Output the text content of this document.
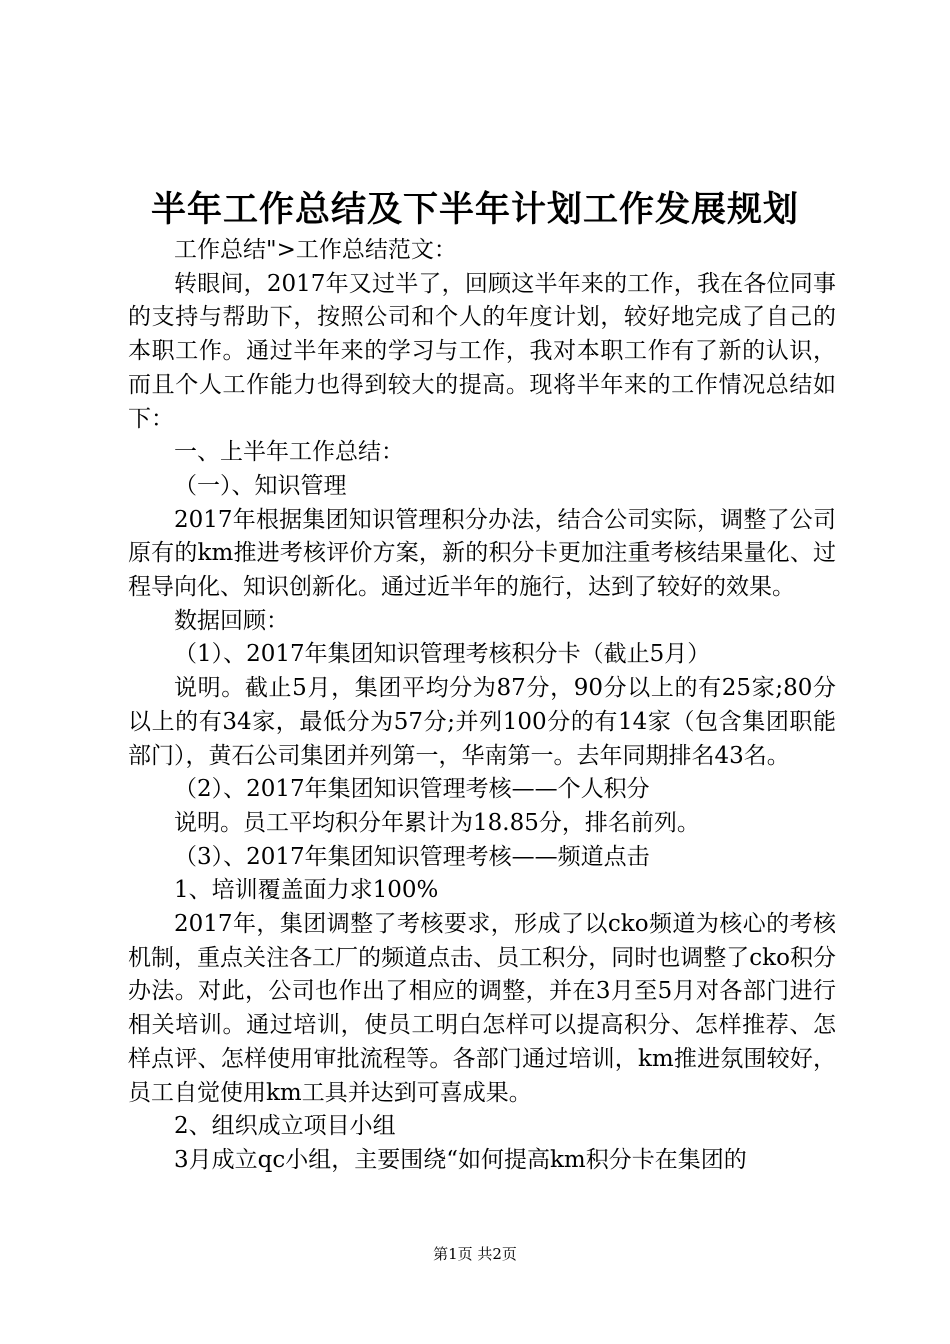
半年工作总结及下半年计划工作发展规划

工作总结">工作总结范文：

转眼间，2017年又过半了，回顾这半年来的工作，我在各位同事的支持与帮助下，按照公司和个人的年度计划，较好地完成了自己的本职工作。通过半年来的学习与工作，我对本职工作有了新的认识，而且个人工作能力也得到较大的提高。现将半年来的工作情况总结如下：

一、上半年工作总结：

（一）、知识管理

2017年根据集团知识管理积分办法，结合公司实际，调整了公司原有的km推进考核评价方案，新的积分卡更加注重考核结果量化、过程导向化、知识创新化。通过近半年的施行，达到了较好的效果。

数据回顾：

（1）、2017年集团知识管理考核积分卡（截止5月）

说明。截止5月，集团平均分为87分，90分以上的有25家;80分以上的有34家，最低分为57分;并列100分的有14家（包含集团职能部门），黄石公司集团并列第一，华南第一。去年同期排名43名。

（2）、2017年集团知识管理考核——个人积分

说明。员工平均积分年累计为18.85分，排名前列。

（3）、2017年集团知识管理考核——频道点击

1、培训覆盖面力求100%

2017年，集团调整了考核要求，形成了以cko频道为核心的考核机制，重点关注各工厂的频道点击、员工积分，同时也调整了cko积分办法。对此，公司也作出了相应的调整，并在3月至5月对各部门进行相关培训。通过培训，使员工明白怎样可以提高积分、怎样推荐、怎样点评、怎样使用审批流程等。各部门通过培训，km推进氛围较好，员工自觉使用km工具并达到可喜成果。

2、组织成立项目小组

3月成立qc小组，主要围绕“如何提高km积分卡在集团的

第1页 共2页
